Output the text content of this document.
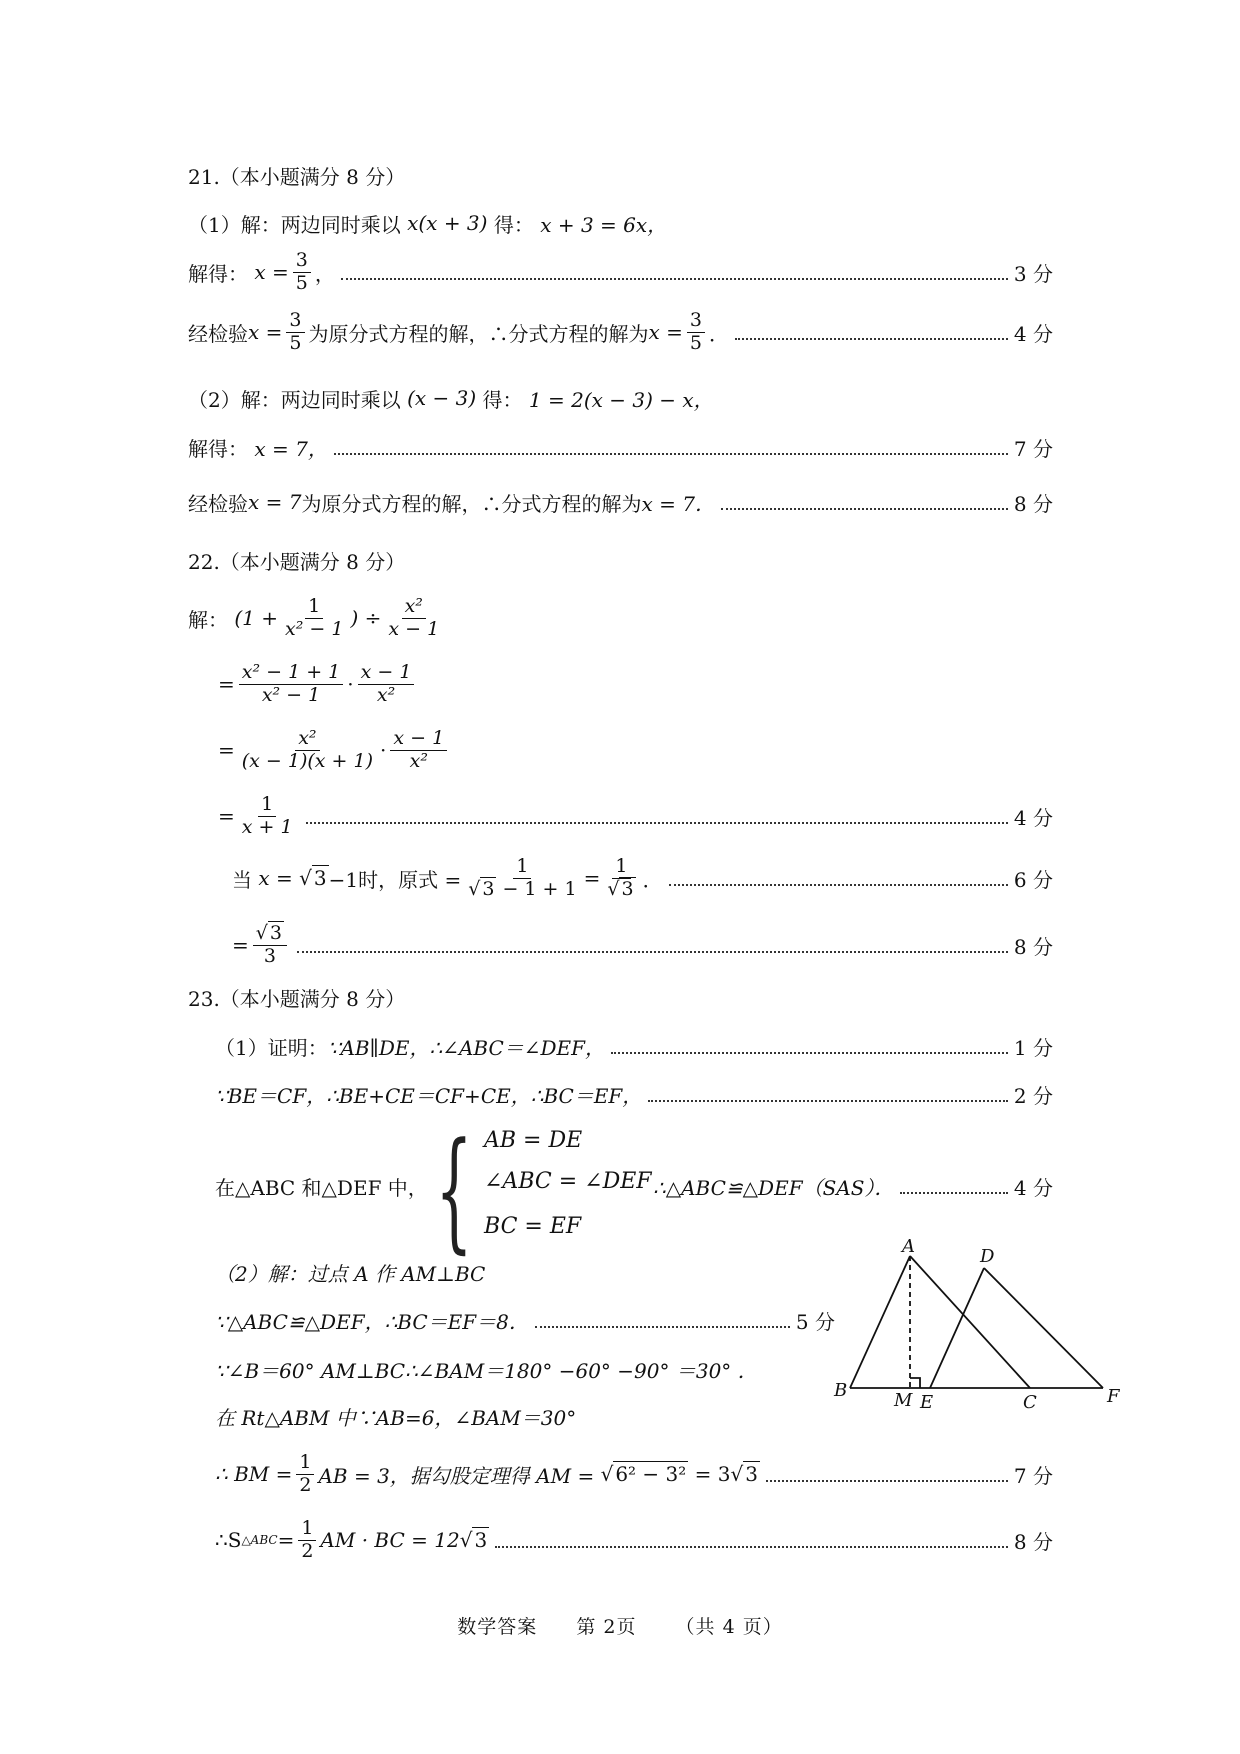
21.（本小题满分 8 分）
（1）解： 两边同时乘以
x(x + 3)
得：
x + 3 = 6x，
解得：
$x = \frac{3}{5}$ ，	3 分
经检验 $x = \frac{3}{5}$ 为原分式方程的解，∴分式方程的解为 $x = \frac{3}{5}$ ．	4 分
（2）解： 两边同时乘以
(x − 3)
得：
1 = 2(x − 3) − x，
解得：
x = 7，	7 分
经检验 x = 7 为原分式方程的解，∴分式方程的解为 x = 7．	8 分
22.（本小题满分 8 分）
解：
($1 + \frac{1}{\text{x² − 1}}$ ) ÷ $\frac{\text{x²}}{x - 1}$
= $\frac{\text{x² − 1 + 1}}{\text{x² − 1}}$ ·
x − 1
x²
= $\frac{\text{x²}}{(x - 1)(x + 1)}$ ·
x − 1
x²
= $\frac{1}{x + 1}$	4 分
当
x =
√ 3 −1时，原式 = $\frac{1}{√ 3 - 1 + 1} = \frac{1}{√ 3}$ ．	6 分
= $\frac{√ 3}{3}$	8 分
23.（本小题满分 8 分）
（1）证明： ∵AB∥DE，∴∠ABC＝∠DEF，	1 分
∵BE＝CF，∴BE+CE＝CF+CE，∴BC＝EF，	2 分
{ AB = DE
∠ABC = ∠DEF
BC = EF
在△ABC 和△DEF 中，	∴△ABC≌△DEF（SAS）．	4 分
（2）解：过点 A 作 AM⊥BC
∵△ABC≌△DEF，∴BC＝EF＝8．	5 分
∵∠B＝60° AM⊥BC∴∠BAM＝180° −60° −90° ＝30° ．
在 Rt△ABM 中∵AB=6，∠BAM＝30°
∴ BM = $\frac{1}{2}$ AB = 3，据勾股定理得 AM =
√ 6² − 3²
= 3 √ 3	7 分
∴S △ABC = $\frac{1}{2}$ AM · BC = 12 √ 3	8 分
A	D
B	M E	C	F
数学答案 第 2页 （共 4 页）
